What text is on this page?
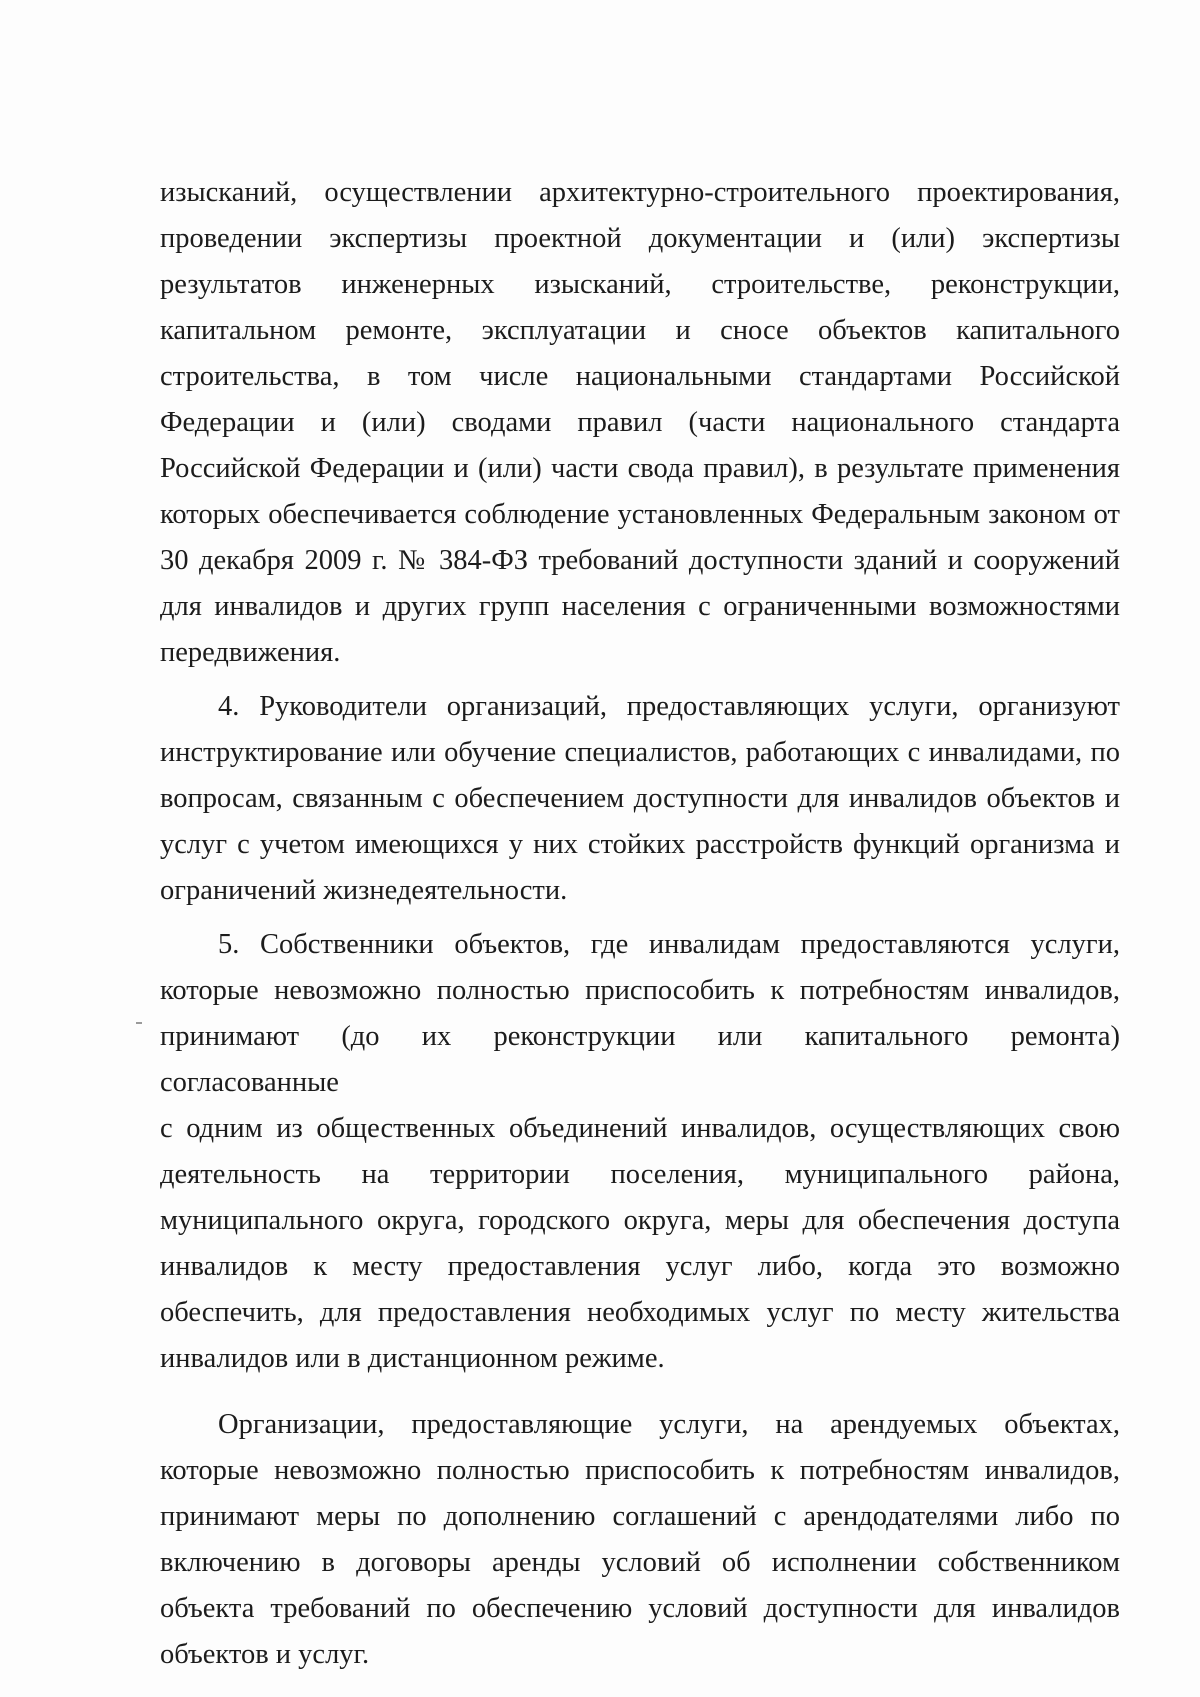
изысканий, осуществлении архитектурно-строительного проектирования, проведении экспертизы проектной документации и (или) экспертизы результатов инженерных изысканий, строительстве, реконструкции, капитальном ремонте, эксплуатации и сносе объектов капитального строительства, в том числе национальными стандартами Российской Федерации и (или) сводами правил (части национального стандарта Российской Федерации и (или) части свода правил), в результате применения которых обеспечивается соблюдение установленных Федеральным законом от 30 декабря 2009 г. № 384-ФЗ требований доступности зданий и сооружений для инвалидов и других групп населения с ограниченными возможностями передвижения.

4. Руководители организаций, предоставляющих услуги, организуют инструктирование или обучение специалистов, работающих с инвалидами, по вопросам, связанным с обеспечением доступности для инвалидов объектов и услуг с учетом имеющихся у них стойких расстройств функций организма и ограничений жизнедеятельности.

5. Собственники объектов, где инвалидам предоставляются услуги, которые невозможно полностью приспособить к потребностям инвалидов, принимают (до их реконструкции или капитального ремонта)

согласованные

с одним из общественных объединений инвалидов, осуществляющих свою деятельность на территории поселения, муниципального района, муниципального округа, городского округа, меры для обеспечения доступа инвалидов к месту предоставления услуг либо, когда это возможно обеспечить, для предоставления необходимых услуг по месту жительства инвалидов или в дистанционном режиме.

Организации, предоставляющие услуги, на арендуемых объектах, которые невозможно полностью приспособить к потребностям инвалидов, принимают меры по дополнению соглашений с арендодателями либо по включению в договоры аренды условий об исполнении собственником объекта требований по обеспечению условий доступности для инвалидов объектов и услуг.
